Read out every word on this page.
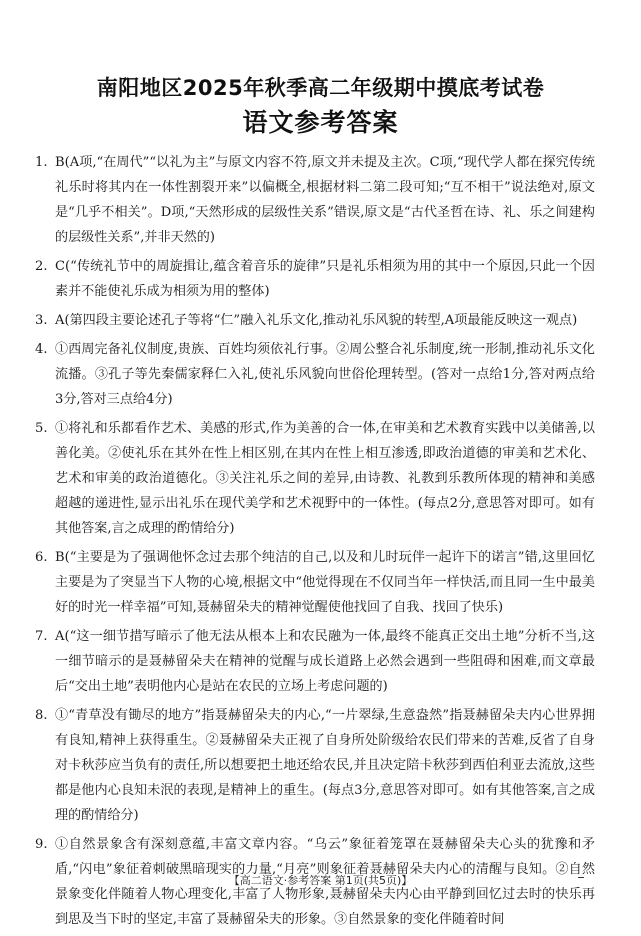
南阳地区2025年秋季高二年级期中摸底考试卷
语文参考答案
1. B(A项,“在周代”“以礼为主”与原文内容不符,原文并未提及主次。C项,“现代学人都在探究传统礼乐时将其内在一体性割裂开来”以偏概全,根据材料二第二段可知;“互不相干”说法绝对,原文是“几乎不相关”。D项,“天然形成的层级性关系”错误,原文是“古代圣哲在诗、礼、乐之间建构的层级性关系”,并非天然的)
2. C(“传统礼节中的周旋揖让,蕴含着音乐的旋律”只是礼乐相须为用的其中一个原因,只此一个因素并不能使礼乐成为相须为用的整体)
3. A(第四段主要论述孔子等将“仁”融入礼乐文化,推动礼乐风貌的转型,A项最能反映这一观点)
4. ①西周完备礼仪制度,贵族、百姓均须依礼行事。②周公整合礼乐制度,统一形制,推动礼乐文化流播。③孔子等先秦儒家释仁入礼,使礼乐风貌向世俗伦理转型。(答对一点给1分,答对两点给3分,答对三点给4分)
5. ①将礼和乐都看作艺术、美感的形式,作为美善的合一体,在审美和艺术教育实践中以美储善,以善化美。②使礼乐在其外在性上相区别,在其内在性上相互渗透,即政治道德的审美和艺术化、艺术和审美的政治道德化。③关注礼乐之间的差异,由诗教、礼教到乐教所体现的精神和美感超越的递进性,显示出礼乐在现代美学和艺术视野中的一体性。(每点2分,意思答对即可。如有其他答案,言之成理的酌情给分)
6. B(“主要是为了强调他怀念过去那个纯洁的自己,以及和儿时玩伴一起许下的诺言”错,这里回忆主要是为了突显当下人物的心境,根据文中“他觉得现在不仅同当年一样快活,而且同一生中最美好的时光一样幸福”可知,聂赫留朵夫的精神觉醒使他找回了自我、找回了快乐)
7. A(“这一细节措写暗示了他无法从根本上和农民融为一体,最终不能真正交出土地”分析不当,这一细节暗示的是聂赫留朵夫在精神的觉醒与成长道路上必然会遇到一些阻碍和困难,而文章最后“交出土地”表明他内心是站在农民的立场上考虑问题的)
8. ①“青草没有锄尽的地方”指聂赫留朵夫的内心,“一片翠绿,生意盎然”指聂赫留朵夫内心世界拥有良知,精神上获得重生。②聂赫留朵夫正视了自身所处阶级给农民们带来的苦难,反省了自身对卡秋莎应当负有的责任,所以想要把土地还给农民,并且决定陪卡秋莎到西伯利亚去流放,这些都是他内心良知未泯的表现,是精神上的重生。(每点3分,意思答对即可。如有其他答案,言之成理的酌情给分)
9. ①自然景象含有深刻意蕴,丰富文章内容。“乌云”象征着笼罩在聂赫留朵夫心头的犹豫和矛盾,“闪电”象征着刺破黑暗现实的力量,“月亮”则象征着聂赫留朵夫内心的清醒与良知。②自然景象变化伴随着人物心理变化,丰富了人物形象,聂赫留朵夫内心由平静到回忆过去时的快乐再到思及当下时的坚定,丰富了聂赫留朵夫的形象。③自然景象的变化伴随着时间
【高二语文·参考答案 第1页(共5页)】
